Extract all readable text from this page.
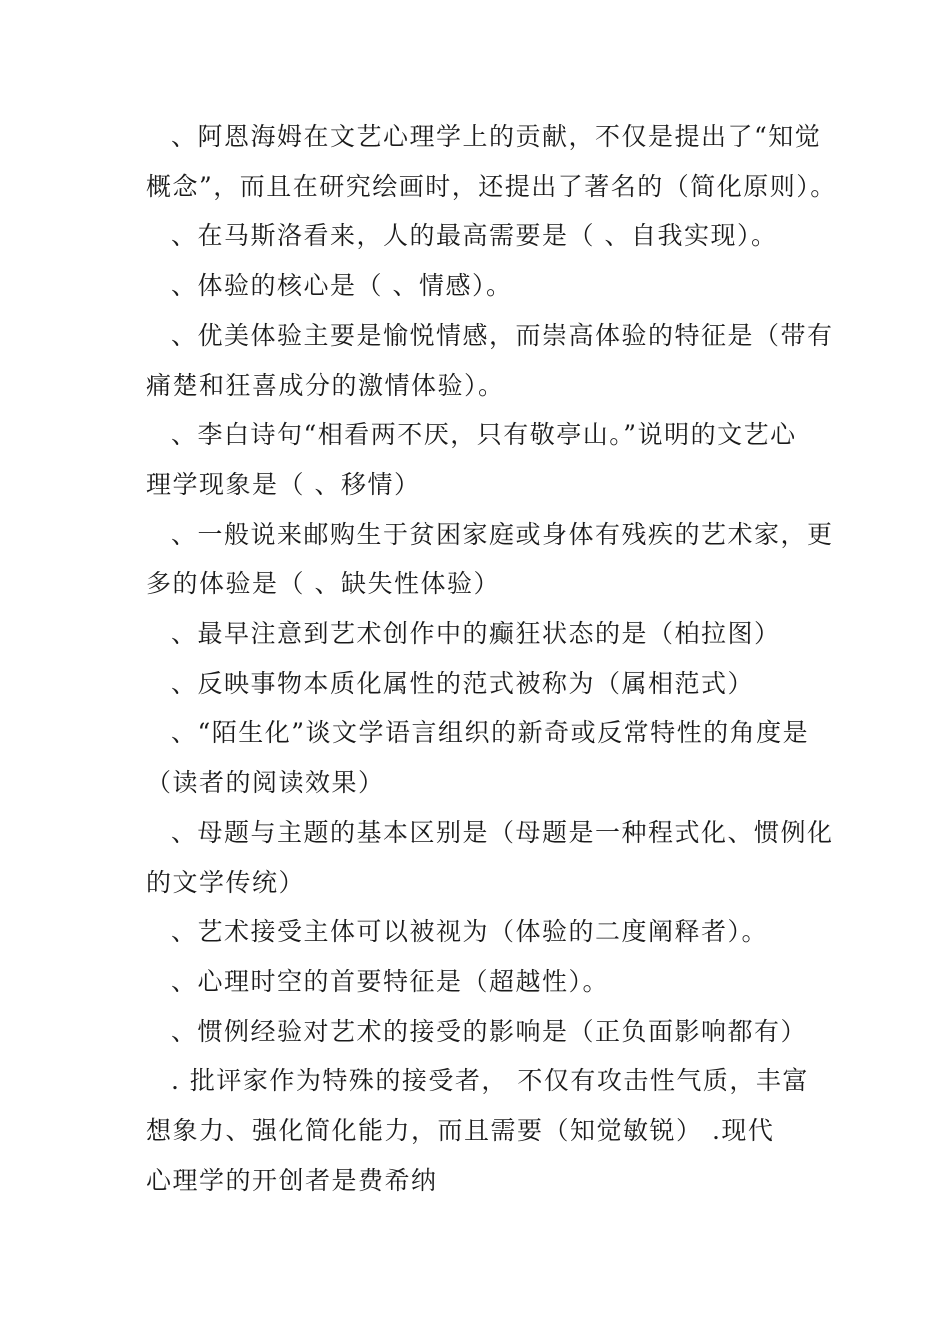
、阿恩海姆在文艺心理学上的贡献，不仅是提出了“知觉
概念”，而且在研究绘画时，还提出了著名的（简化原则）。
、在马斯洛看来，人的最高需要是（ 、自我实现）。
、体验的核心是（ 、情感）。
、优美体验主要是愉悦情感，而崇高体验的特征是（带有
痛楚和狂喜成分的激情体验）。
、李白诗句“相看两不厌，只有敬亭山。”说明的文艺心
理学现象是（ 、移情）
、一般说来邮购生于贫困家庭或身体有残疾的艺术家，更
多的体验是（ 、缺失性体验）
、最早注意到艺术创作中的癫狂状态的是（柏拉图）
、反映事物本质化属性的范式被称为（属相范式）
、“陌生化”谈文学语言组织的新奇或反常特性的角度是
（读者的阅读效果）
、母题与主题的基本区别是（母题是一种程式化、惯例化
的文学传统）
、艺术接受主体可以被视为（体验的二度阐释者）。
、心理时空的首要特征是（超越性）。
、惯例经验对艺术的接受的影响是（正负面影响都有）
. 批评家作为特殊的接受者， 不仅有攻击性气质，丰富
想象力、强化简化能力，而且需要（知觉敏锐） .现代
心理学的开创者是费希纳
